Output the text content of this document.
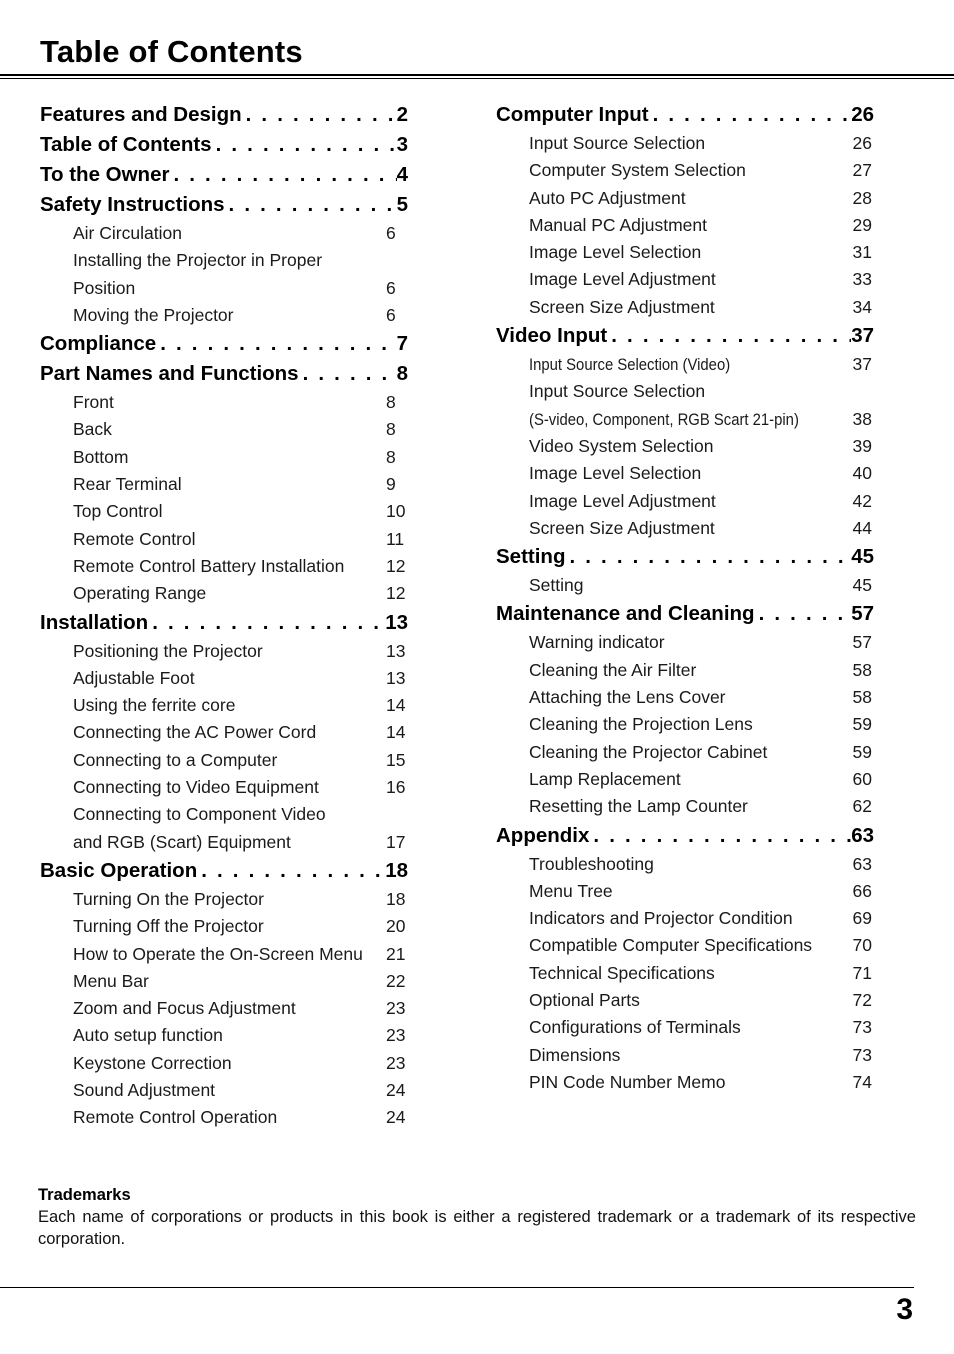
Table of Contents
Features and Design . . .	2
Table of Contents . . .	3
To the Owner . . .	4
Safety Instructions . . .	5
Air Circulation	6
Installing the Projector in Proper
Position	6
Moving the Projector	6
Compliance . . .	7
Part Names and Functions . . .	8
Front	8
Back	8
Bottom	8
Rear Terminal	9
Top Control	10
Remote Control	11
Remote Control Battery Installation 12
Operating Range	12
Installation . . .	13
Positioning the Projector	13
Adjustable Foot	13
Using the ferrite core	14
Connecting the AC Power Cord	14
Connecting to a Computer	15
Connecting to Video Equipment	16
Connecting to Component Video
and RGB (Scart) Equipment	17
Basic Operation . . .	18
Turning On the Projector	18
Turning Off the Projector	20
How to Operate the On-Screen Menu 21
Menu Bar	22
Zoom and Focus Adjustment	23
Auto setup function	23
Keystone Correction	23
Sound Adjustment	24
Remote Control Operation	24
Computer Input . . .	26
Input Source Selection	26
Computer System Selection	27
Auto PC Adjustment	28
Manual PC Adjustment	29
Image Level Selection	31
Image Level Adjustment	33
Screen Size Adjustment	34
Video Input . . .	37
Input Source Selection (Video)	37
Input Source Selection
(S-video, Component, RGB Scart 21-pin)	38
Video System Selection	39
Image Level Selection	40
Image Level Adjustment	42
Screen Size Adjustment	44
Setting . . .	45
Setting	45
Maintenance and Cleaning . . .	57
Warning indicator	57
Cleaning the Air Filter	58
Attaching the Lens Cover	58
Cleaning the Projection Lens	59
Cleaning the Projector Cabinet	59
Lamp Replacement	60
Resetting the Lamp Counter	62
Appendix . . .	63
Troubleshooting	63
Menu Tree	66
Indicators and Projector Condition	69
Compatible Computer Specifications 70
Technical Specifications	71
Optional Parts	72
Configurations of Terminals	73
Dimensions	73
PIN Code Number Memo	74
Trademarks
Each name of corporations or products in this book is either a registered trademark or a trademark of its respective corporation.
3
